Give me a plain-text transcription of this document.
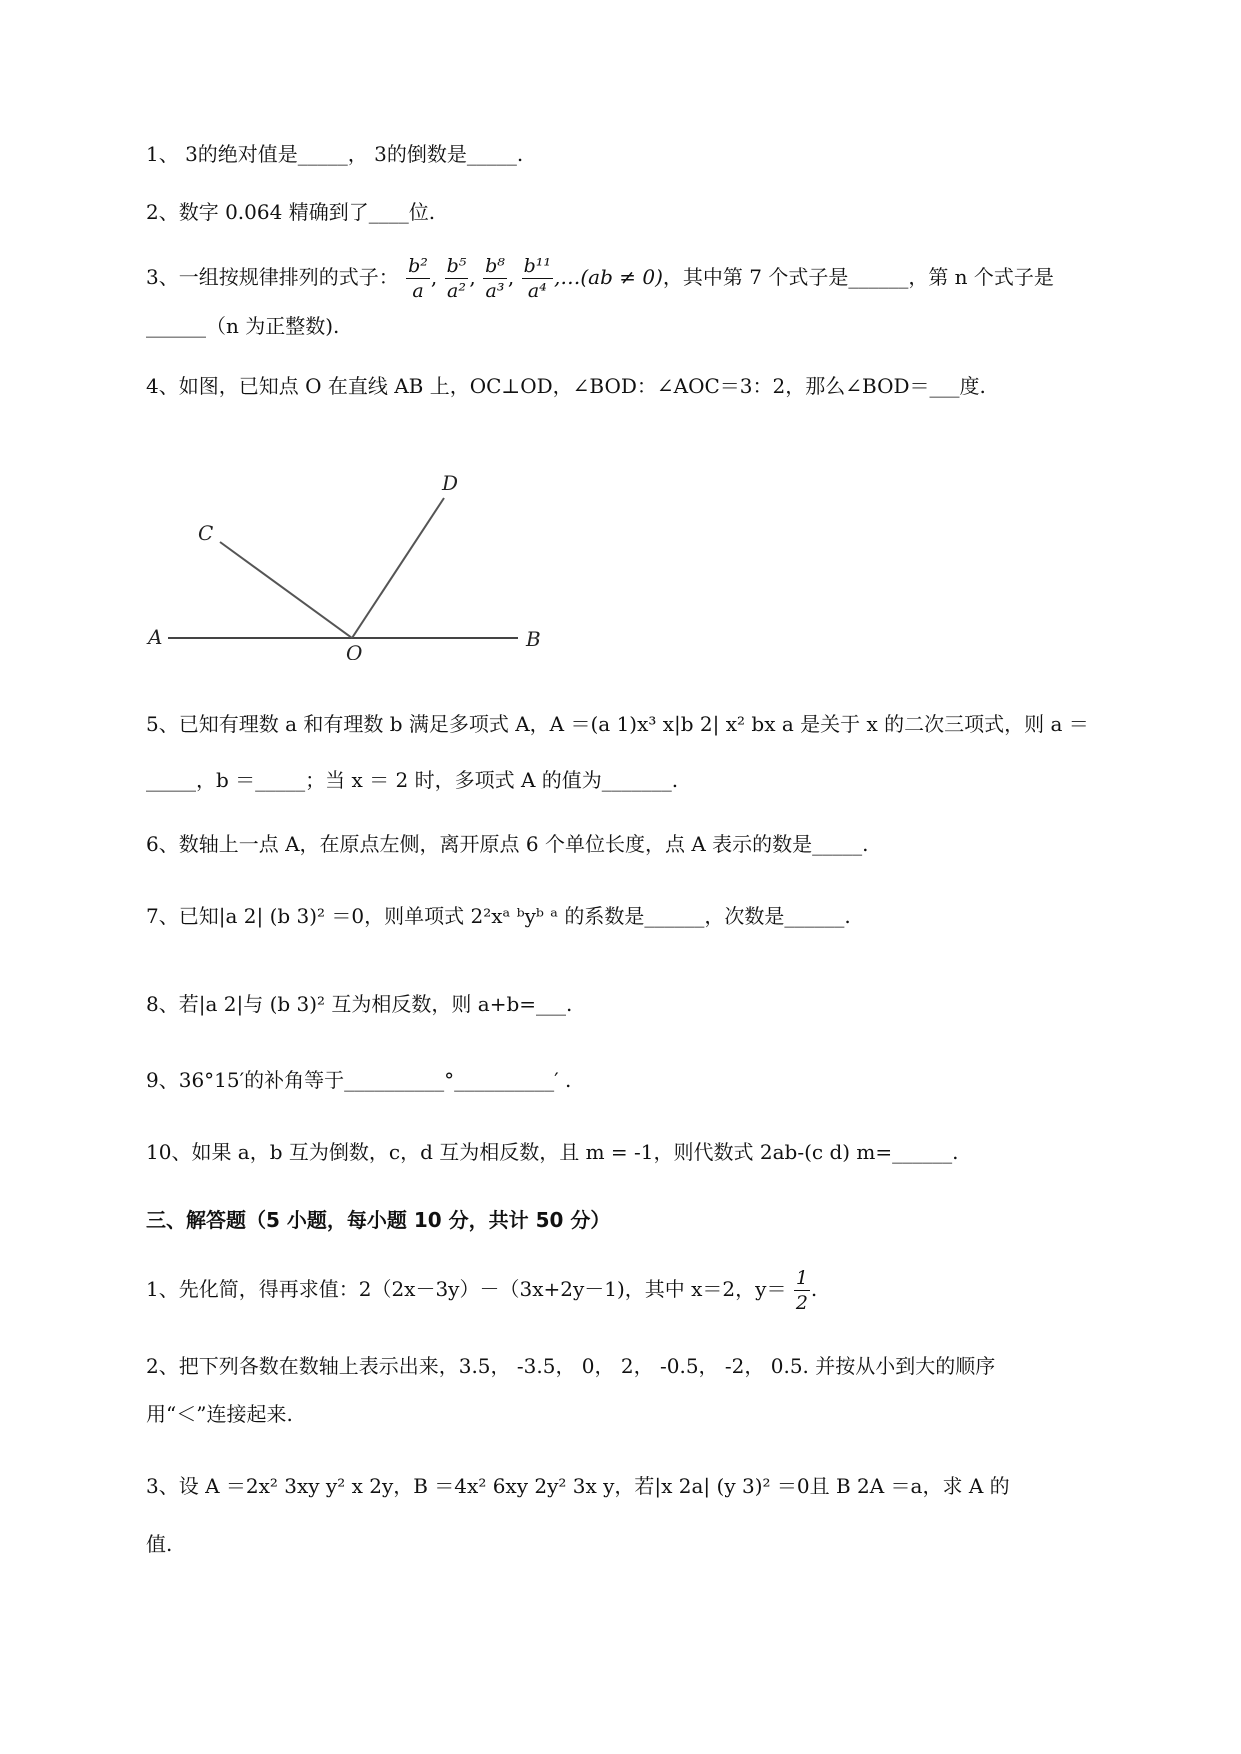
1、 3的绝对值是_____， 3的倒数是_____.
2、数字 0.064 精确到了____位.
3、一组按规律排列的式子： $\frac{\text{b²}}{a}$ , $\frac{\text{b⁵}}{\text{a²}}$ , $\frac{\text{b⁸}}{\text{a³}}$ , $\frac{\text{b¹¹}}{\text{a⁴}}$ ,…(ab ≠ 0)，其中第 7 个式子是______，第 n 个式子是
______（n 为正整数).
4、如图，已知点 O 在直线 AB 上，OC⊥OD，∠BOD：∠AOC＝3：2，那么∠BOD＝___度.
A	B
C
D
O
5、已知有理数 a 和有理数 b 满足多项式 A，A ＝(a 1)x³ x|b 2| x² bx a 是关于 x 的二次三项式，则 a ＝
_____，b ＝_____；当 x ＝ 2 时，多项式 A 的值为_______.
6、数轴上一点 A，在原点左侧，离开原点 6 个单位长度，点 A 表示的数是_____.
7、已知|a 2| (b 3)² ＝0，则单项式 2²xᵃ ᵇyᵇ ᵃ 的系数是______，次数是______.
8、若|a 2|与 (b 3)² 互为相反数，则 a+b=___.
9、36°15′的补角等于__________°__________′ .
10、如果 a，b 互为倒数，c，d 互为相反数，且 m = -1，则代数式 2ab-(c d) m=______.
三、解答题（5 小题，每小题 10 分，共计 50 分）
1、先化简，得再求值：2（2x－3y）－（3x+2y－1)，其中 x＝2，$y= \frac{1}{2}$ .
2、把下列各数在数轴上表示出来，3.5， -3.5， 0， 2， -0.5， -2， 0.5. 并按从小到大的顺序
用“＜”连接起来.
3、设 A ＝2x² 3xy y² x 2y，B ＝4x² 6xy 2y² 3x y，若|x 2a| (y 3)² ＝0且 B 2A ＝a，求 A 的
值.
